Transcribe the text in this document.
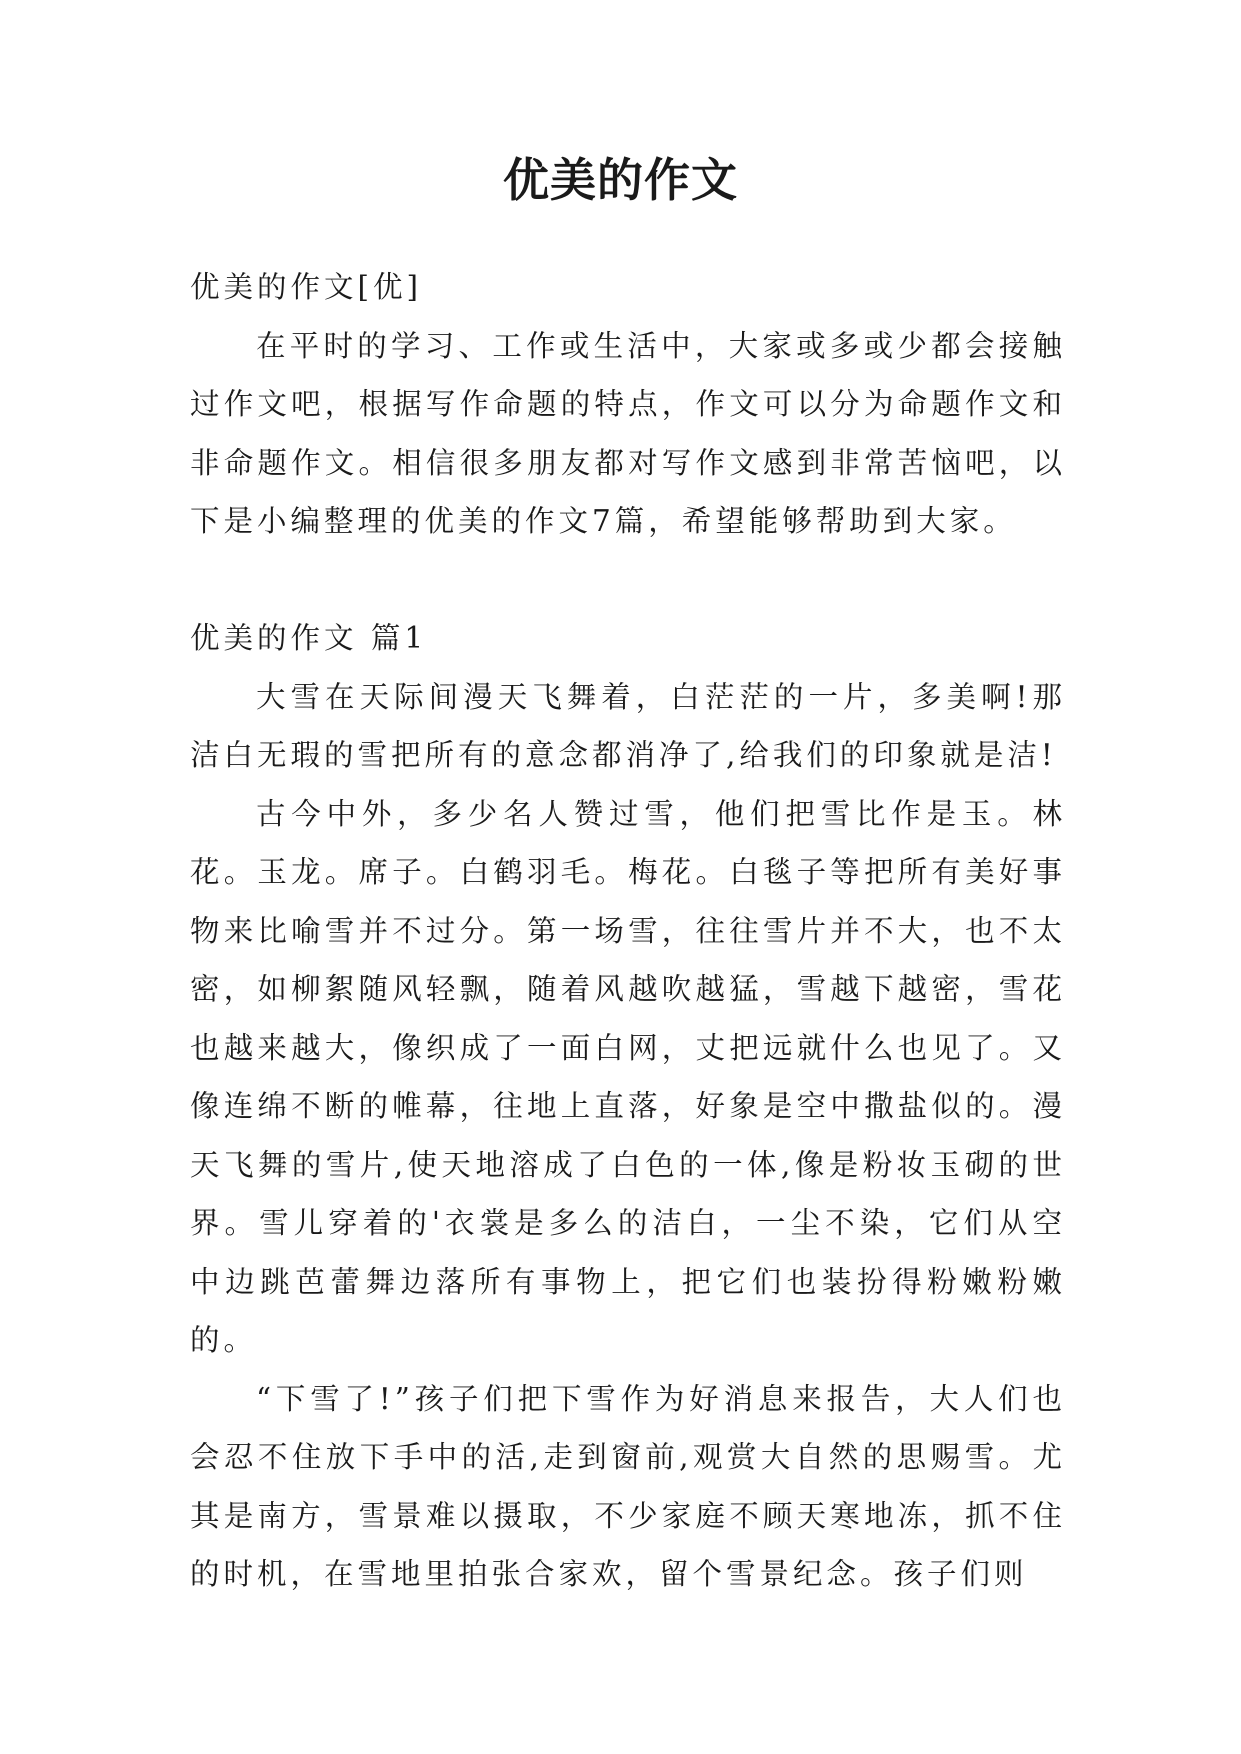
优美的作文

优美的作文[优]

在平时的学习、工作或生活中，大家或多或少都会接触过作文吧，根据写作命题的特点，作文可以分为命题作文和非命题作文。相信很多朋友都对写作文感到非常苦恼吧，以下是小编整理的优美的作文7篇，希望能够帮助到大家。

优美的作文 篇1

大雪在天际间漫天飞舞着，白茫茫的一片，多美啊!那洁白无瑕的雪把所有的意念都消净了,给我们的印象就是洁!

古今中外，多少名人赞过雪，他们把雪比作是玉。林花。玉龙。席子。白鹤羽毛。梅花。白毯子等把所有美好事物来比喻雪并不过分。第一场雪，往往雪片并不大，也不太密，如柳絮随风轻飘，随着风越吹越猛，雪越下越密，雪花也越来越大，像织成了一面白网，丈把远就什么也见了。又像连绵不断的帷幕，往地上直落，好象是空中撒盐似的。漫天飞舞的雪片,使天地溶成了白色的一体,像是粉妆玉砌的世界。雪儿穿着的'衣裳是多么的洁白，一尘不染，它们从空中边跳芭蕾舞边落所有事物上，把它们也装扮得粉嫩粉嫩的。

“下雪了!”孩子们把下雪作为好消息来报告，大人们也会忍不住放下手中的活,走到窗前,观赏大自然的思赐雪。尤其是南方，雪景难以摄取，不少家庭不顾天寒地冻，抓不住的时机，在雪地里拍张合家欢，留个雪景纪念。孩子们则
